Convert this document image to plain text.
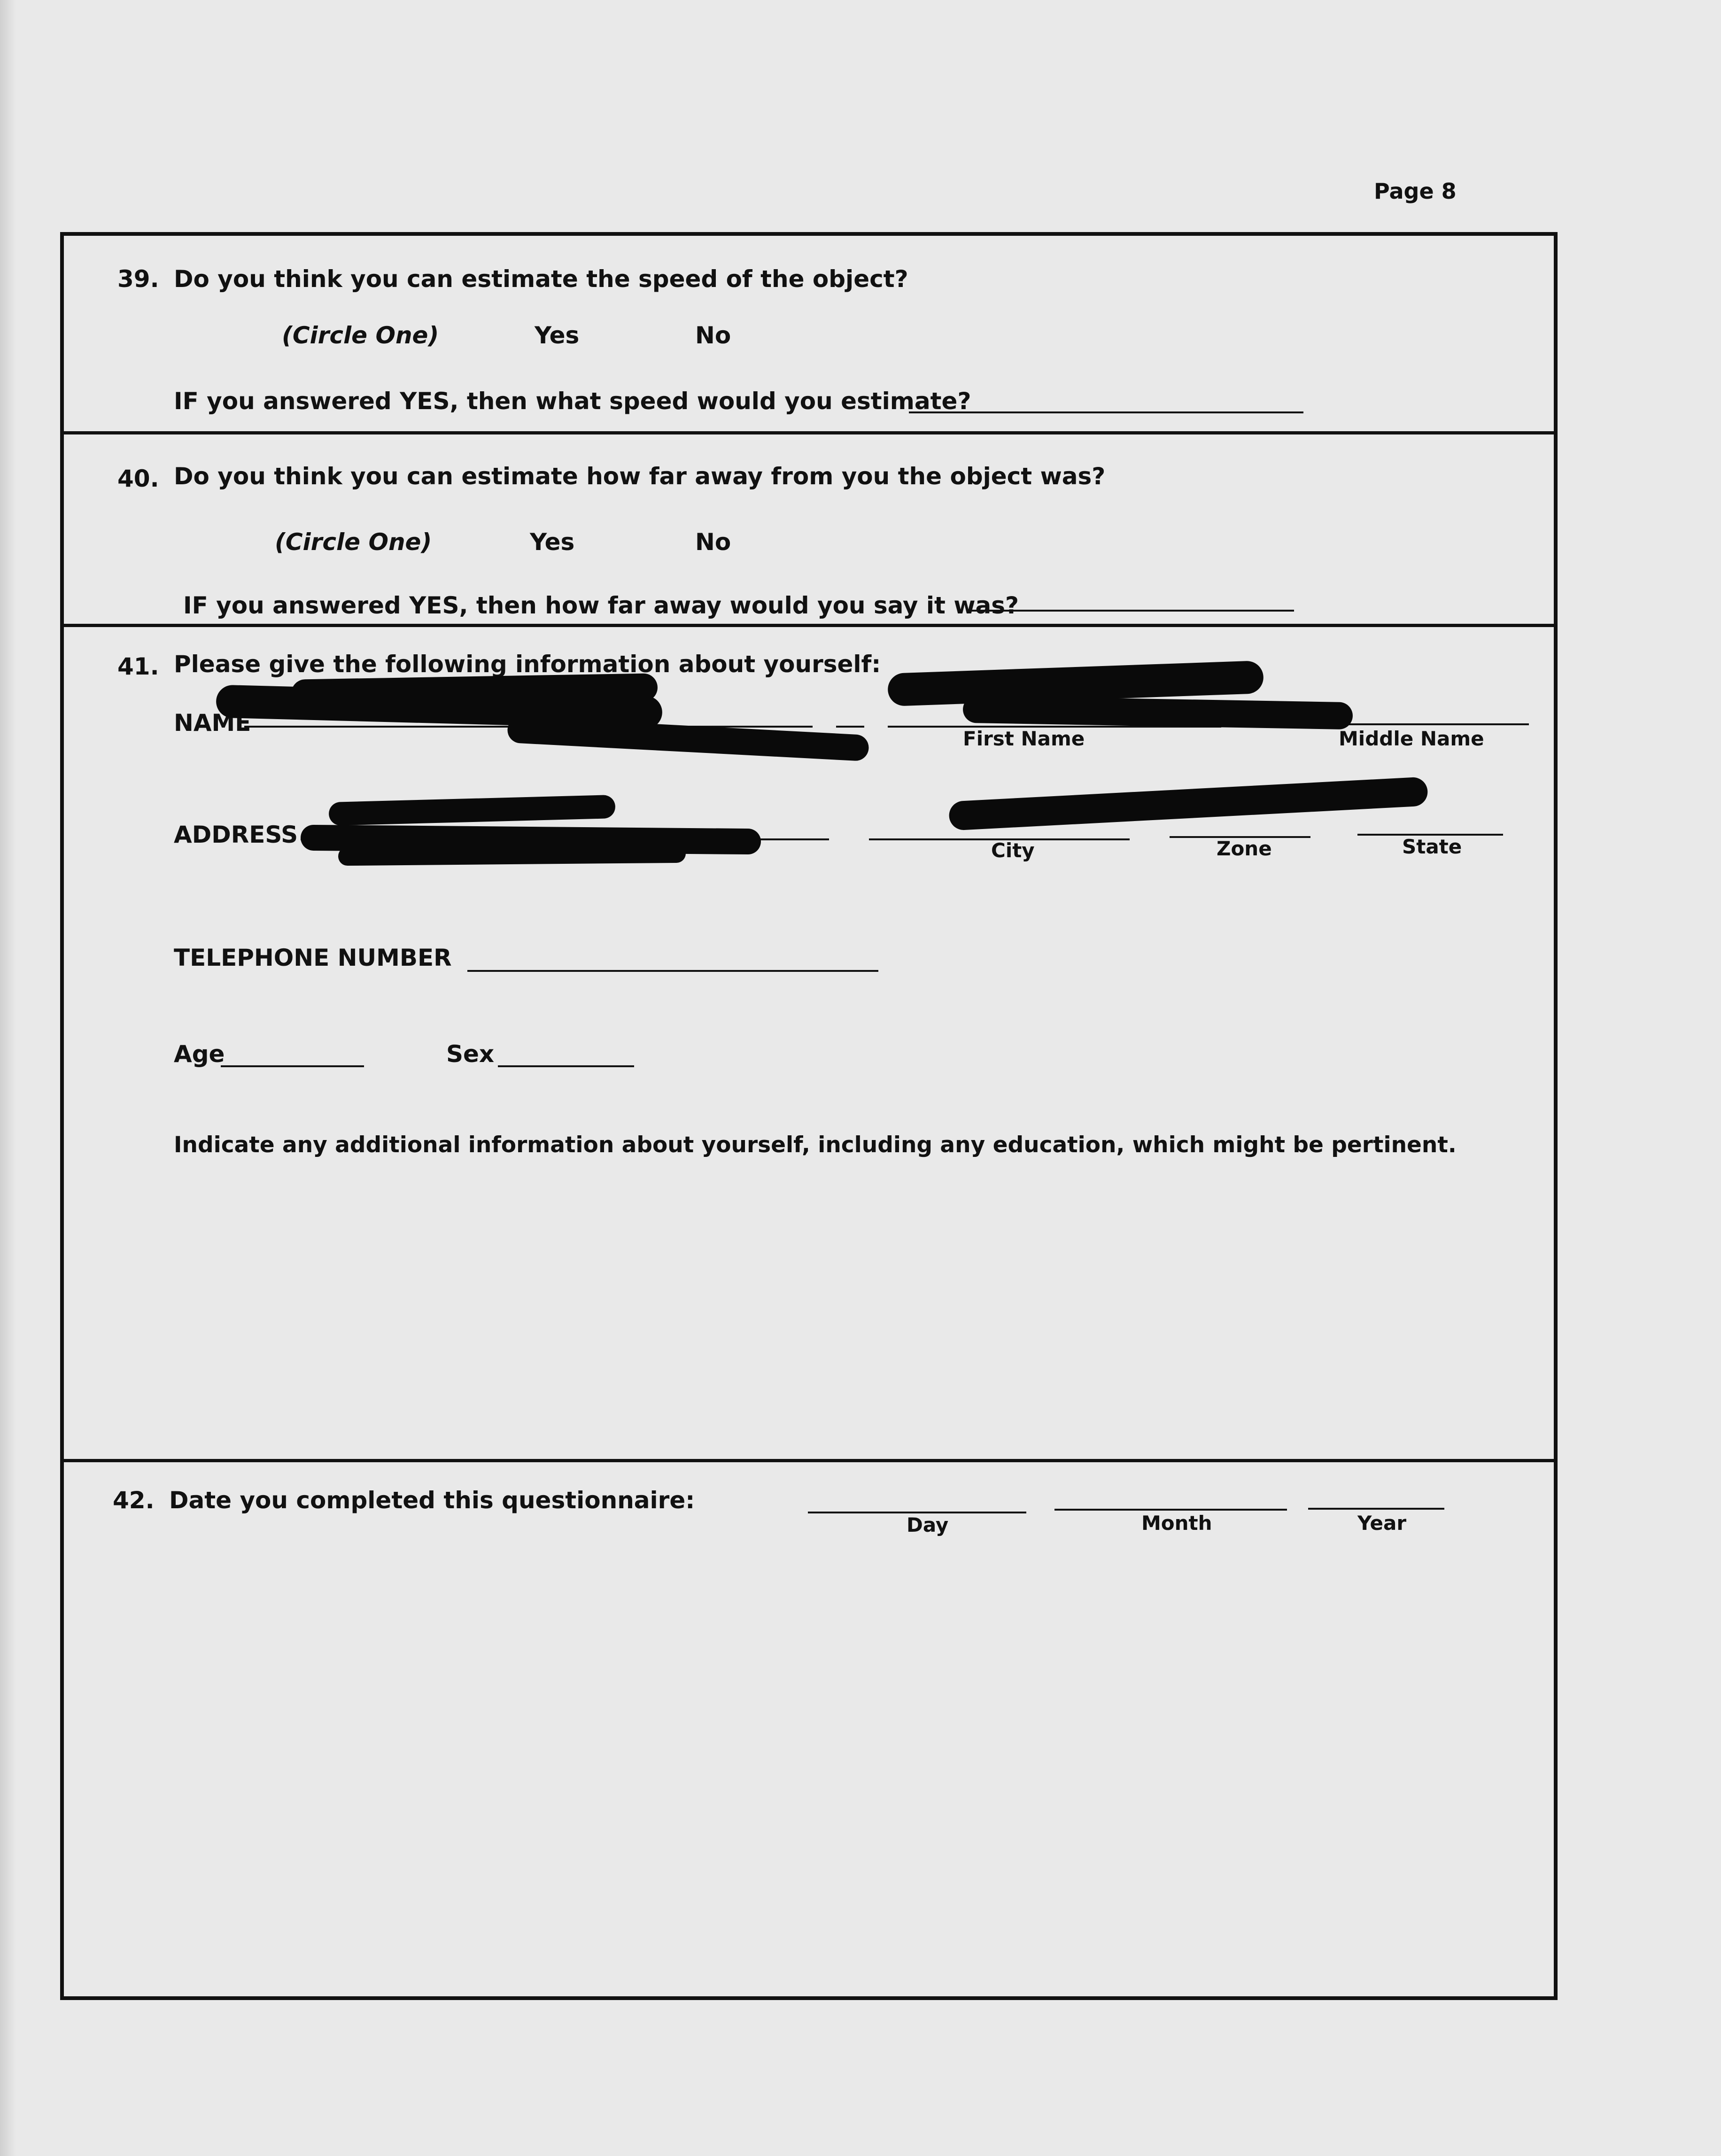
Page 8
39. Do you think you can estimate the speed of the object?
(Circle One)	Yes	No
IF you answered YES, then what speed would you estimate?
40. Do you think you can estimate how far away from you the object was?
(Circle One)	Yes	No
IF you answered YES, then how far away would you say it was?
41. Please give the following information about yourself:
NAME
First Name	Middle Name
ADDRESS
City	Zone	State
TELEPHONE NUMBER
Age	Sex
Indicate any additional information about yourself, including any education, which might be pertinent.
42. Date you completed this questionnaire:
Day	Month	Year
